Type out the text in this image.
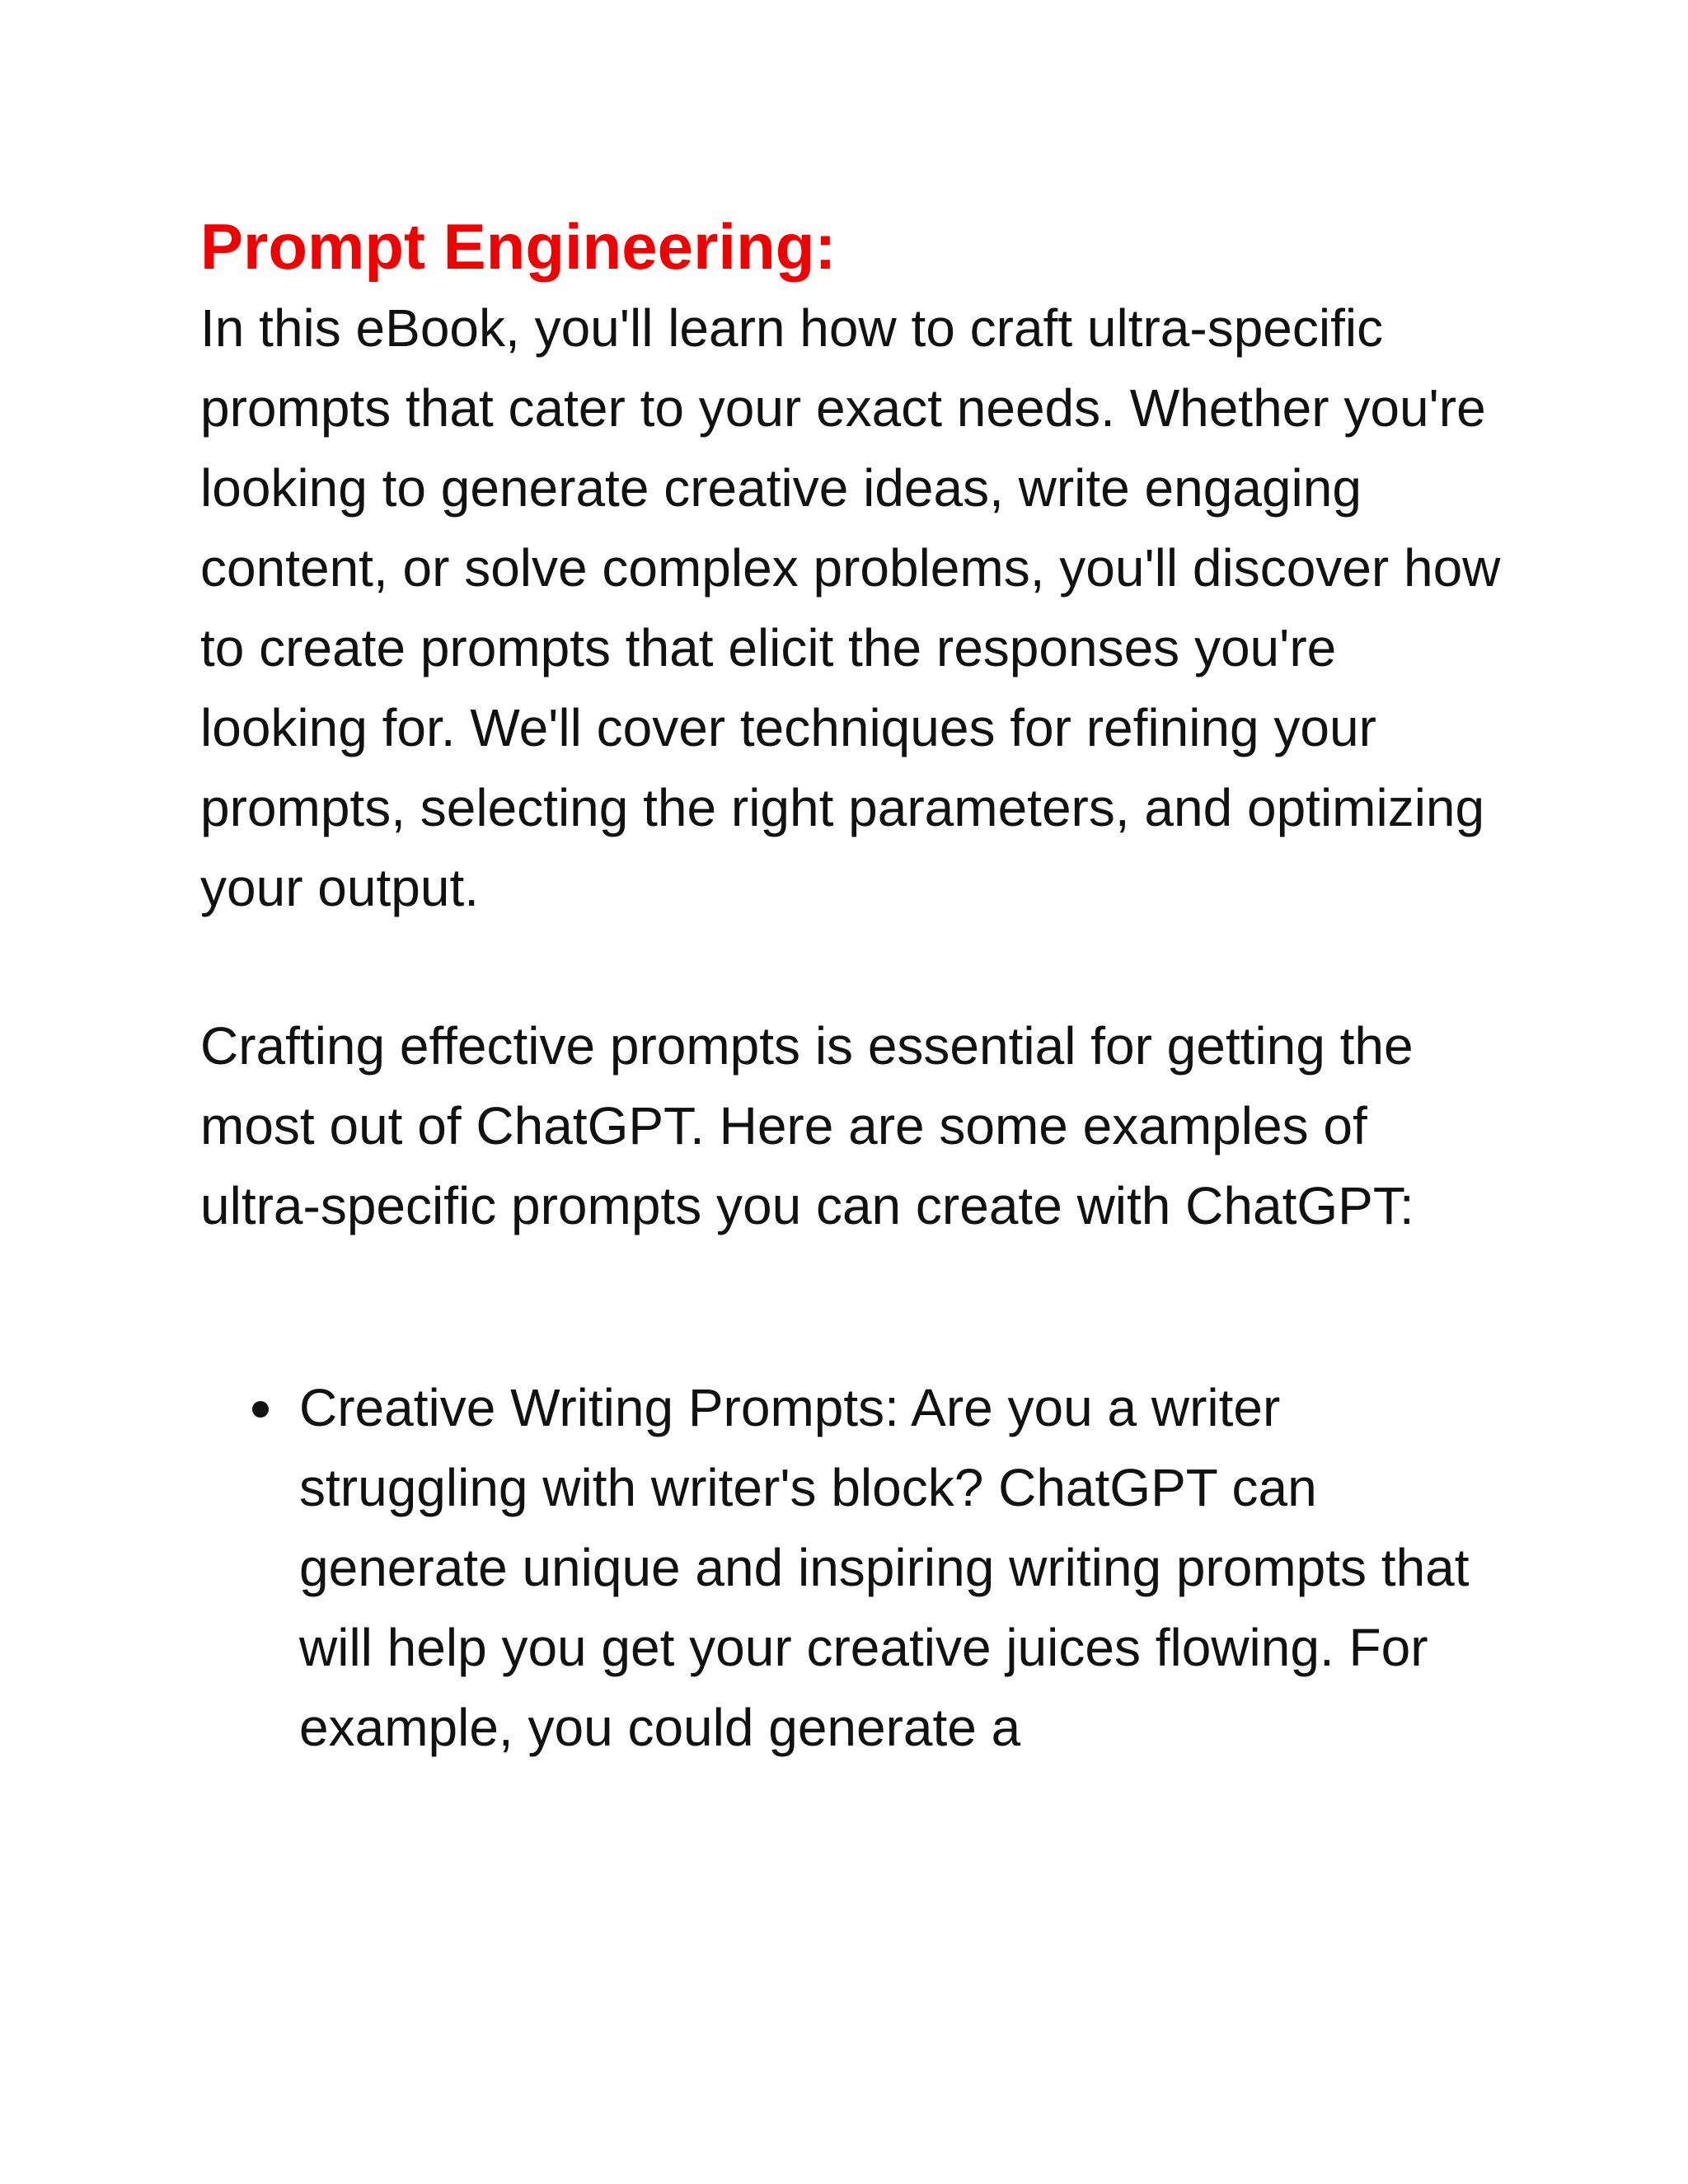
Prompt Engineering:

In this eBook, you'll learn how to craft ultra-specific prompts that cater to your exact needs. Whether you're looking to generate creative ideas, write engaging content, or solve complex problems, you'll discover how to create prompts that elicit the responses you're looking for. We'll cover techniques for refining your prompts, selecting the right parameters, and optimizing your output.

Crafting effective prompts is essential for getting the most out of ChatGPT. Here are some examples of ultra-specific prompts you can create with ChatGPT:

Creative Writing Prompts: Are you a writer struggling with writer's block? ChatGPT can generate unique and inspiring writing prompts that will help you get your creative juices flowing. For example, you could generate a
